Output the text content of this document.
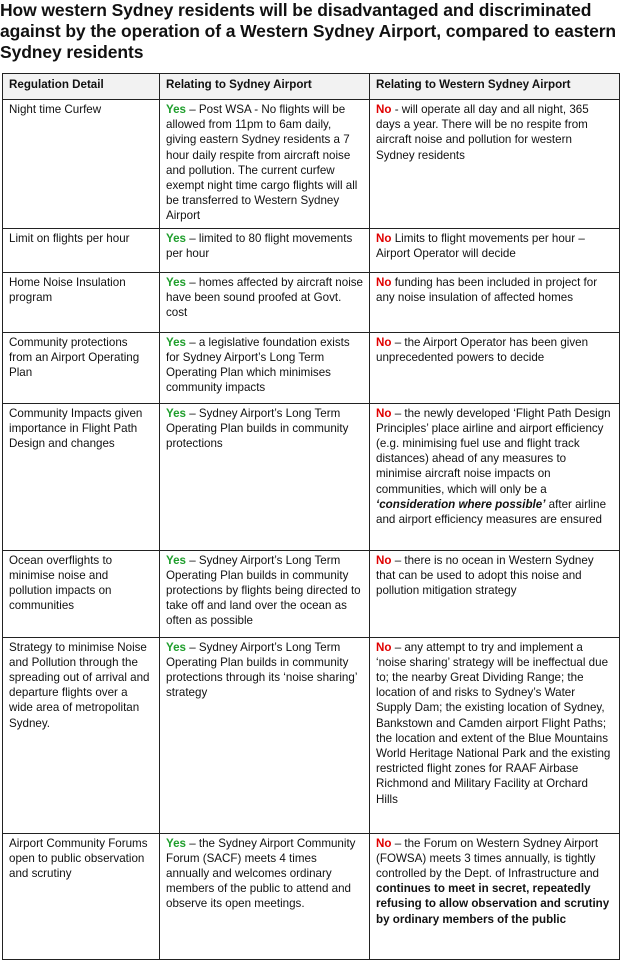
How western Sydney residents will be disadvantaged and discriminated against by the operation of a Western Sydney Airport, compared to eastern Sydney residents
Regulation Detail	Relating to Sydney Airport	Relating to Western Sydney Airport
Night time Curfew	Yes – Post WSA - No flights will be allowed from 11pm to 6am daily, giving eastern Sydney residents a 7 hour daily respite from aircraft noise and pollution. The current curfew exempt night time cargo flights will all be transferred to Western Sydney Airport	No - will operate all day and all night, 365 days a year. There will be no respite from aircraft noise and pollution for western Sydney residents
Limit on flights per hour	Yes – limited to 80 flight movements per hour	No Limits to flight movements per hour – Airport Operator will decide
Home Noise Insulation program	Yes – homes affected by aircraft noise have been sound proofed at Govt. cost	No funding has been included in project for any noise insulation of affected homes
Community protections from an Airport Operating Plan	Yes – a legislative foundation exists for Sydney Airport’s Long Term Operating Plan which minimises community impacts	No – the Airport Operator has been given unprecedented powers to decide
Community Impacts given importance in Flight Path Design and changes	Yes – Sydney Airport’s Long Term Operating Plan builds in community protections	No – the newly developed ‘Flight Path Design Principles’ place airline and airport efficiency (e.g. minimising fuel use and flight track distances) ahead of any measures to minimise aircraft noise impacts on communities, which will only be a ‘consideration where possible’ after airline and airport efficiency measures are ensured
Ocean overflights to minimise noise and pollution impacts on communities	Yes – Sydney Airport’s Long Term Operating Plan builds in community protections by flights being directed to take off and land over the ocean as often as possible	No – there is no ocean in Western Sydney that can be used to adopt this noise and pollution mitigation strategy
Strategy to minimise Noise and Pollution through the spreading out of arrival and departure flights over a wide area of metropolitan Sydney.	Yes – Sydney Airport’s Long Term Operating Plan builds in community protections through its ‘noise sharing’ strategy	No – any attempt to try and implement a ‘noise sharing’ strategy will be ineffectual due to; the nearby Great Dividing Range; the location of and risks to Sydney’s Water Supply Dam; the existing location of Sydney, Bankstown and Camden airport Flight Paths; the location and extent of the Blue Mountains World Heritage National Park and the existing restricted flight zones for RAAF Airbase Richmond and Military Facility at Orchard Hills
Airport Community Forums open to public observation and scrutiny	Yes – the Sydney Airport Community Forum (SACF) meets 4 times annually and welcomes ordinary members of the public to attend and observe its open meetings.	No – the Forum on Western Sydney Airport (FOWSA) meets 3 times annually, is tightly controlled by the Dept. of Infrastructure and continues to meet in secret, repeatedly refusing to allow observation and scrutiny by ordinary members of the public
